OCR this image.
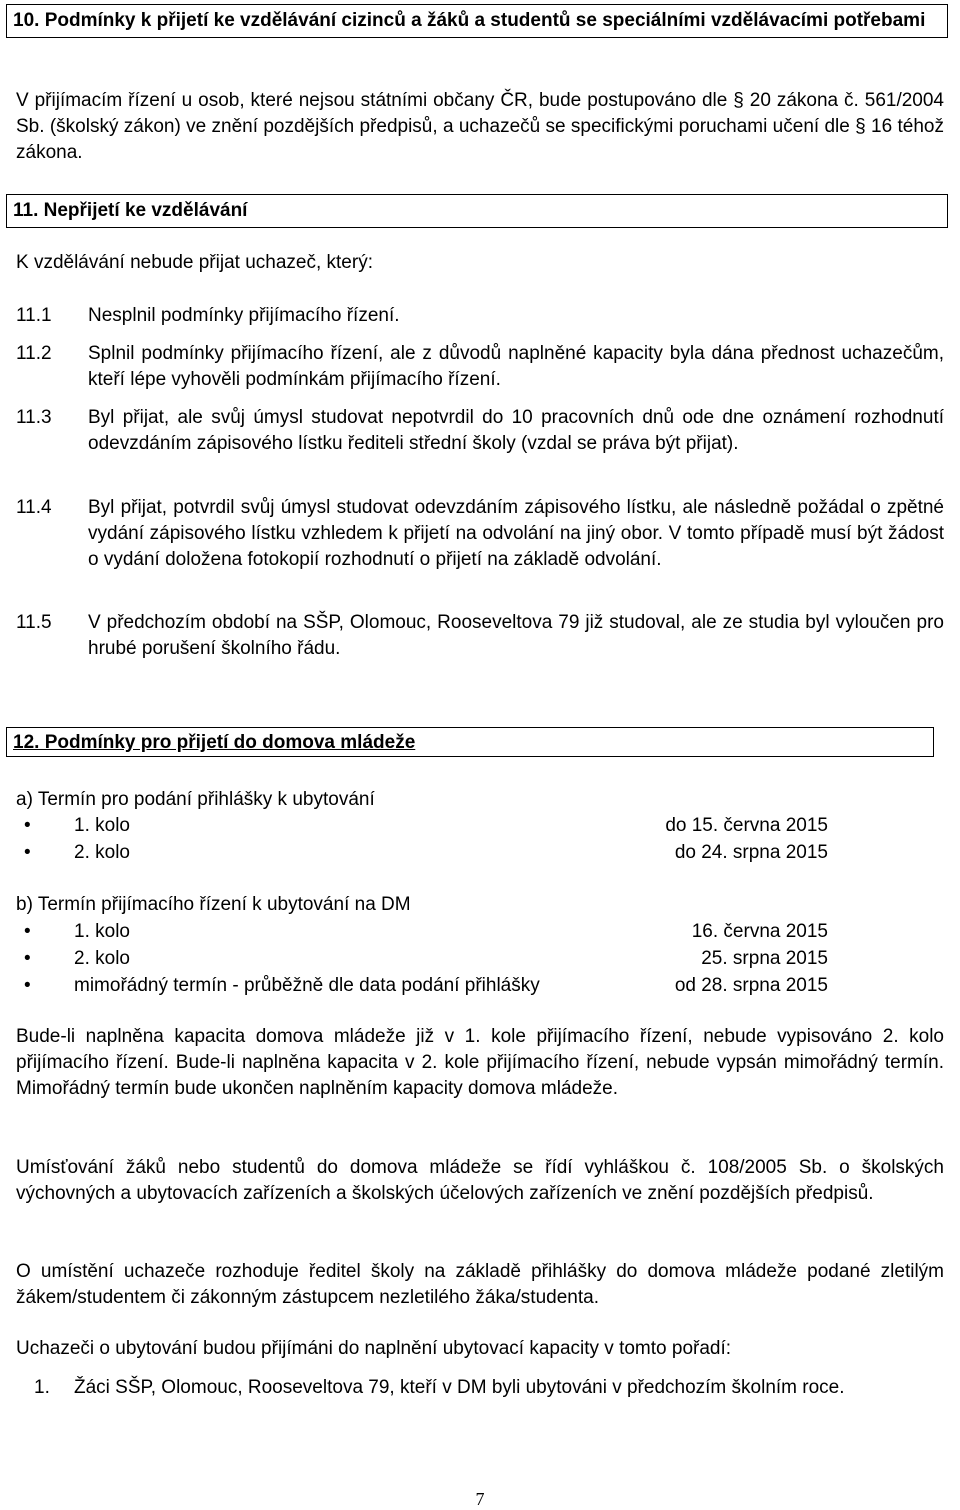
10. Podmínky k přijetí ke vzdělávání cizinců a žáků a studentů se speciálními vzdělávacími potřebami
V přijímacím řízení u osob, které nejsou státními občany ČR, bude postupováno dle § 20 zákona č. 561/2004 Sb. (školský zákon) ve znění pozdějších předpisů, a uchazečů se specifickými poruchami učení dle § 16 téhož zákona.
11. Nepřijetí ke vzdělávání
K vzdělávání nebude přijat uchazeč, který:
11.1	Nesplnil podmínky přijímacího řízení.
11.2	Splnil podmínky přijímacího řízení, ale z důvodů naplněné kapacity byla dána přednost uchazečům, kteří lépe vyhověli podmínkám přijímacího řízení.
11.3	Byl přijat, ale svůj úmysl studovat nepotvrdil do 10 pracovních dnů ode dne oznámení rozhodnutí odevzdáním zápisového lístku řediteli střední školy (vzdal se práva být přijat).
11.4	Byl přijat, potvrdil svůj úmysl studovat odevzdáním zápisového lístku, ale následně požádal o zpětné vydání zápisového lístku vzhledem k přijetí na odvolání na jiný obor. V tomto případě musí být žádost o vydání doložena fotokopií rozhodnutí o přijetí na základě odvolání.
11.5	V předchozím období na SŠP, Olomouc, Rooseveltova 79 již studoval, ale ze studia byl vyloučen pro hrubé porušení školního řádu.
12. Podmínky pro přijetí do domova mládeže
a) Termín pro podání přihlášky k ubytování
•	1. kolo	do 15. června 2015
•	2. kolo	do 24. srpna 2015
b) Termín přijímacího řízení k ubytování na DM
•	1. kolo	16. června 2015
•	2. kolo	25. srpna 2015
•	mimořádný termín - průběžně dle data podání přihlášky	od 28. srpna 2015
Bude-li naplněna kapacita domova mládeže již v 1. kole přijímacího řízení, nebude vypisováno 2. kolo přijímacího řízení. Bude-li naplněna kapacita v 2. kole přijímacího řízení, nebude vypsán mimořádný termín. Mimořádný termín bude ukončen naplněním kapacity domova mládeže.
Umísťování žáků nebo studentů do domova mládeže se řídí vyhláškou č. 108/2005 Sb. o školských výchovných a ubytovacích zařízeních a školských účelových zařízeních ve znění pozdějších předpisů.
O umístění uchazeče rozhoduje ředitel školy na základě přihlášky do domova mládeže podané zletilým žákem/studentem či zákonným zástupcem nezletilého žáka/studenta.
Uchazeči o ubytování budou přijímáni do naplnění ubytovací kapacity v tomto pořadí:
1.	Žáci SŠP, Olomouc, Rooseveltova 79, kteří v DM byli ubytováni v předchozím školním roce.
7
